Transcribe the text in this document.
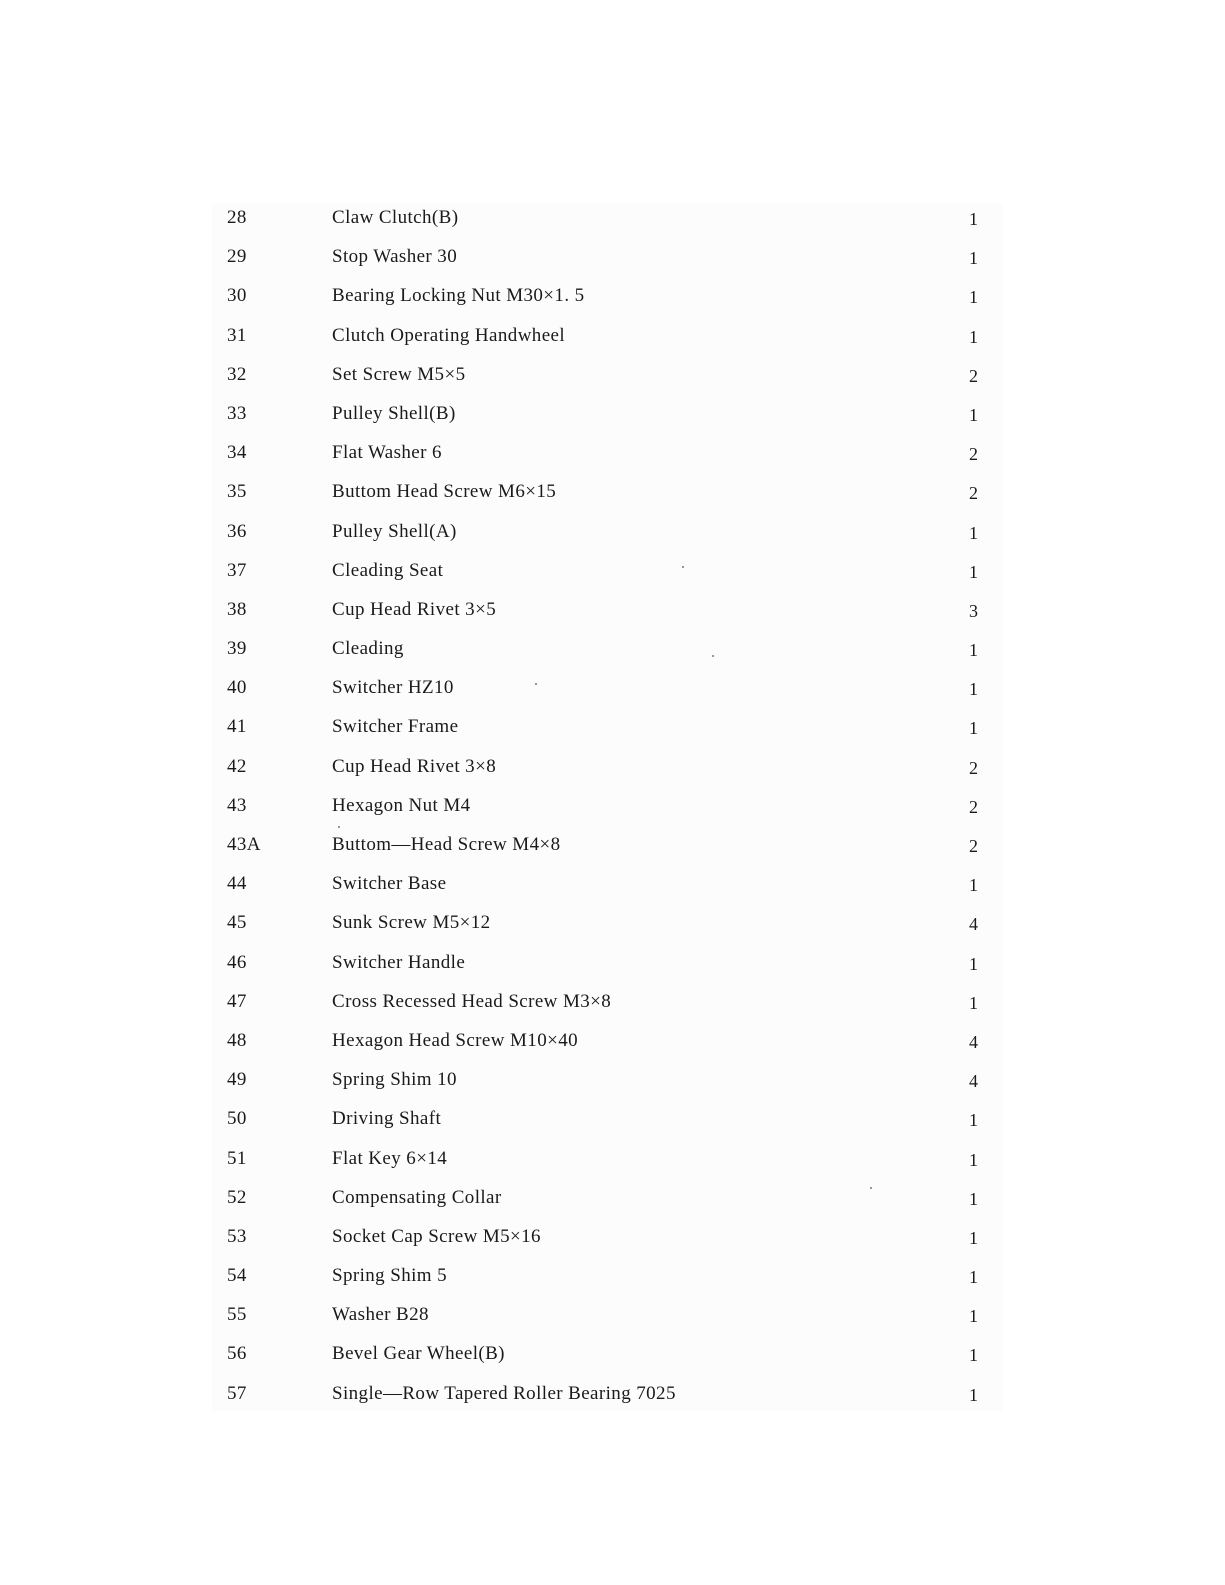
28	Claw Clutch(B)	1
29	Stop Washer 30	1
30	Bearing Locking Nut M30×1. 5	1
31	Clutch Operating Handwheel	1
32	Set Screw M5×5	2
33	Pulley Shell(B)	1
34	Flat Washer 6	2
35	Buttom Head Screw M6×15	2
36	Pulley Shell(A)	1
37	Cleading Seat	1
38	Cup Head Rivet 3×5	3
39	Cleading	1
40	Switcher HZ10	1
41	Switcher Frame	1
42	Cup Head Rivet 3×8	2
43	Hexagon Nut M4	2
43A	Buttom—Head Screw M4×8	2
44	Switcher Base	1
45	Sunk Screw M5×12	4
46	Switcher Handle	1
47	Cross Recessed Head Screw M3×8	1
48	Hexagon Head Screw M10×40	4
49	Spring Shim 10	4
50	Driving Shaft	1
51	Flat Key 6×14	1
52	Compensating Collar	1
53	Socket Cap Screw M5×16	1
54	Spring Shim 5	1
55	Washer B28	1
56	Bevel Gear Wheel(B)	1
57	Single—Row Tapered Roller Bearing 7025	1
